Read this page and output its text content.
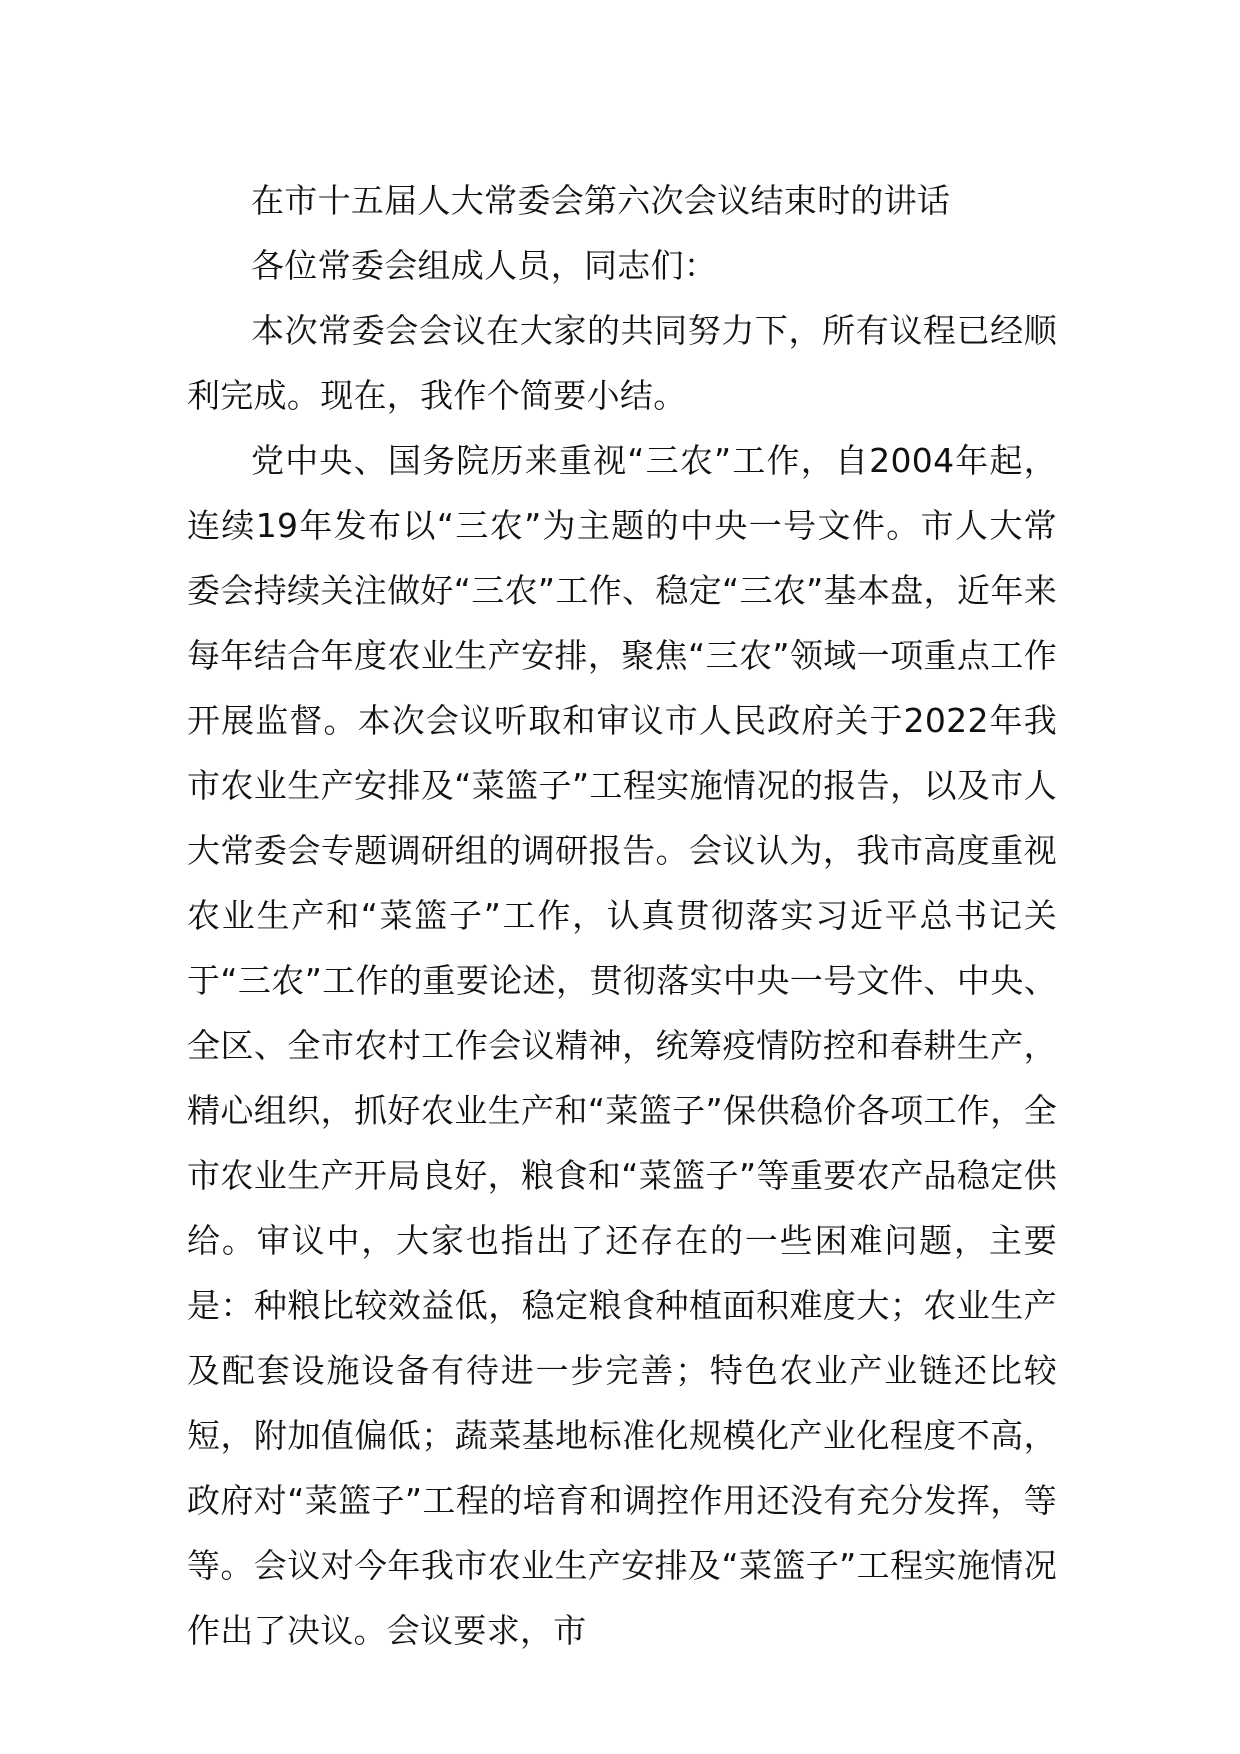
在市十五届人大常委会第六次会议结束时的讲话

各位常委会组成人员，同志们：

本次常委会会议在大家的共同努力下，所有议程已经顺利完成。现在，我作个简要小结。

党中央、国务院历来重视“三农”工作，自2004年起，连续19年发布以“三农”为主题的中央一号文件。市人大常委会持续关注做好“三农”工作、稳定“三农”基本盘，近年来每年结合年度农业生产安排，聚焦“三农”领域一项重点工作开展监督。本次会议听取和审议市人民政府关于2022年我市农业生产安排及“菜篮子”工程实施情况的报告，以及市人大常委会专题调研组的调研报告。会议认为，我市高度重视农业生产和“菜篮子”工作，认真贯彻落实习近平总书记关于“三农”工作的重要论述，贯彻落实中央一号文件、中央、全区、全市农村工作会议精神，统筹疫情防控和春耕生产，精心组织，抓好农业生产和“菜篮子”保供稳价各项工作，全市农业生产开局良好，粮食和“菜篮子”等重要农产品稳定供给。审议中，大家也指出了还存在的一些困难问题，主要是：种粮比较效益低，稳定粮食种植面积难度大；农业生产及配套设施设备有待进一步完善；特色农业产业链还比较短，附加值偏低；蔬菜基地标准化规模化产业化程度不高，政府对“菜篮子”工程的培育和调控作用还没有充分发挥，等等。会议对今年我市农业生产安排及“菜篮子”工程实施情况作出了决议。会议要求，市
